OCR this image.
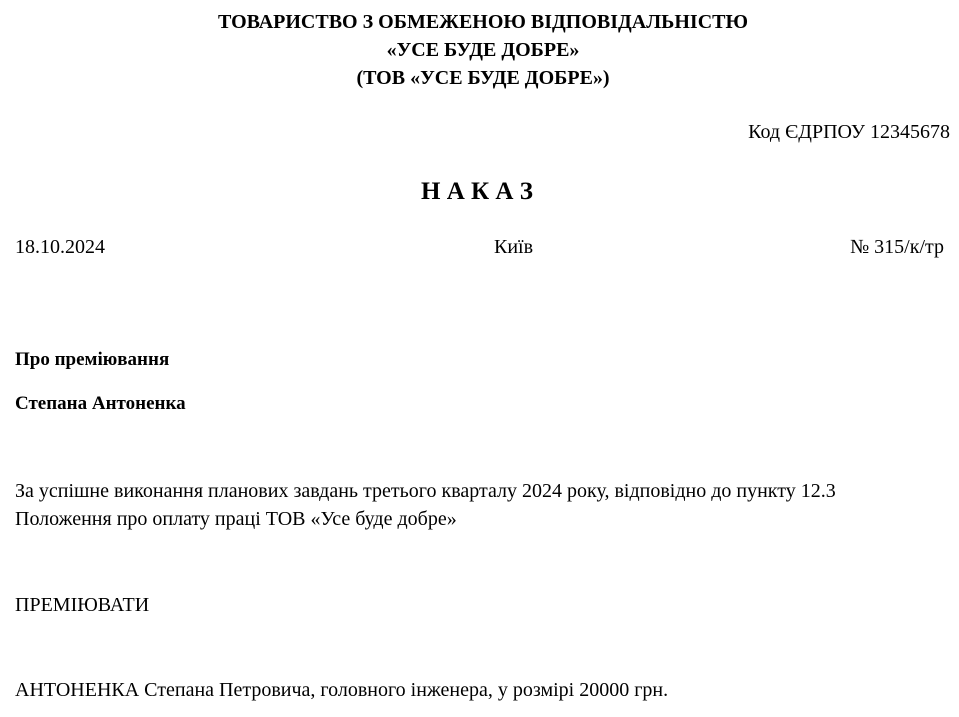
ТОВАРИСТВО З ОБМЕЖЕНОЮ ВІДПОВІДАЛЬНІСТЮ
«УСЕ БУДЕ ДОБРЕ»
(ТОВ «УСЕ БУДЕ ДОБРЕ»)
Код ЄДРПОУ 12345678
Н А К А З
18.10.2024	Київ	№ 315/к/тр
Про преміювання
Степана Антоненка
За успішне виконання планових завдань третього кварталу 2024 року, відповідно до пункту 12.3
Положення про оплату праці ТОВ «Усе буде добре»
ПРЕМІЮВАТИ
АНТОНЕНКА Степана Петровича, головного інженера, у розмірі 20000 грн.
